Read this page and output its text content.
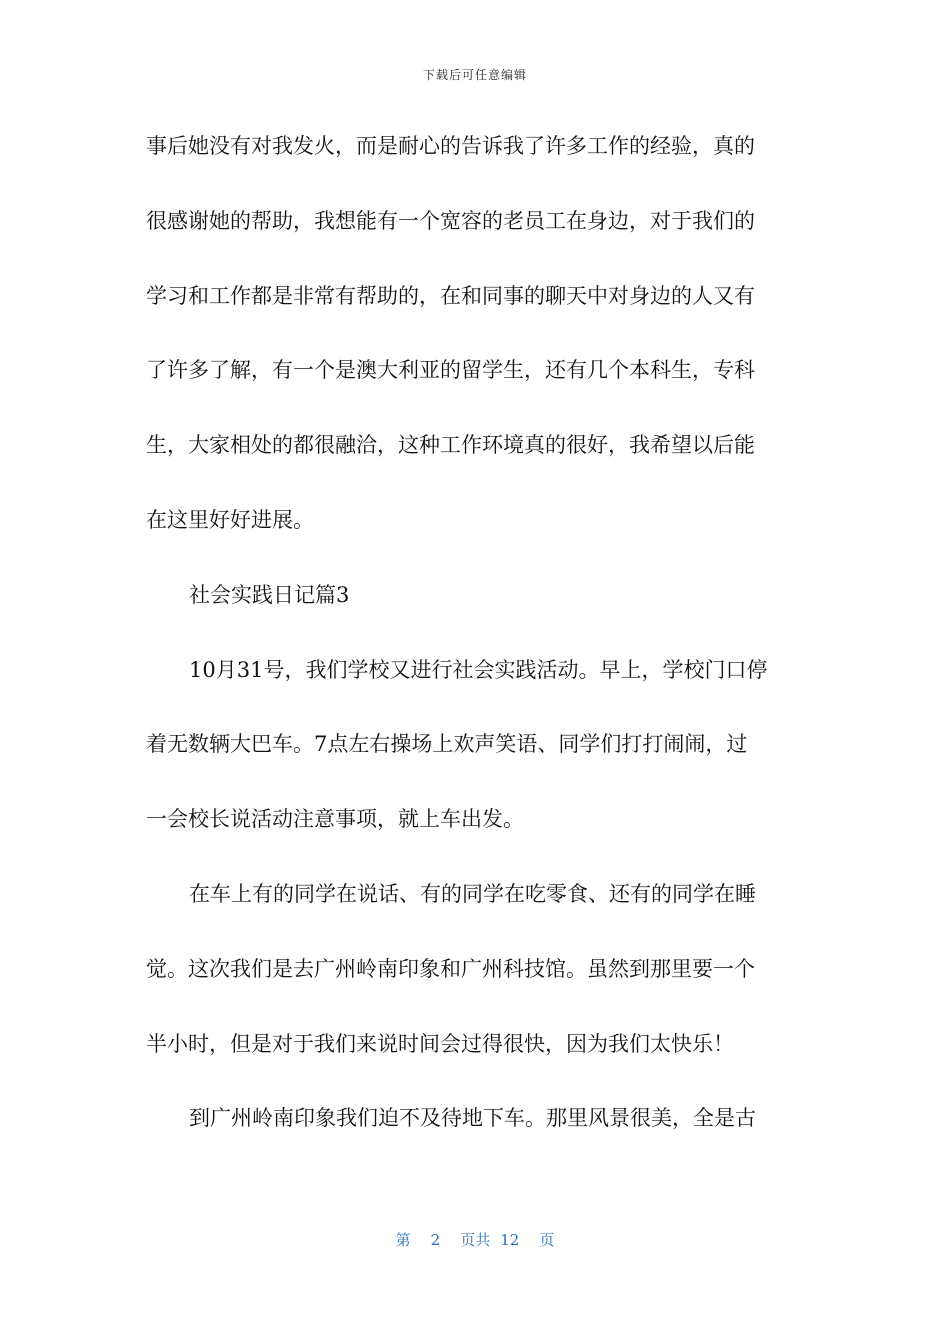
下载后可任意编辑
事后她没有对我发火，而是耐心的告诉我了许多工作的经验，真的
很感谢她的帮助，我想能有一个宽容的老员工在身边，对于我们的
学习和工作都是非常有帮助的，在和同事的聊天中对身边的人又有
了许多了解，有一个是澳大利亚的留学生，还有几个本科生，专科
生，大家相处的都很融洽，这种工作环境真的很好，我希望以后能
在这里好好进展。
社会实践日记篇3
10月31号，我们学校又进行社会实践活动。早上，学校门口停
着无数辆大巴车。7点左右操场上欢声笑语、同学们打打闹闹，过
一会校长说活动注意事项，就上车出发。
在车上有的同学在说话、有的同学在吃零食、还有的同学在睡
觉。这次我们是去广州岭南印象和广州科技馆。虽然到那里要一个
半小时，但是对于我们来说时间会过得很快，因为我们太快乐！
到广州岭南印象我们迫不及待地下车。那里风景很美，全是古
第 2 页共 12 页
